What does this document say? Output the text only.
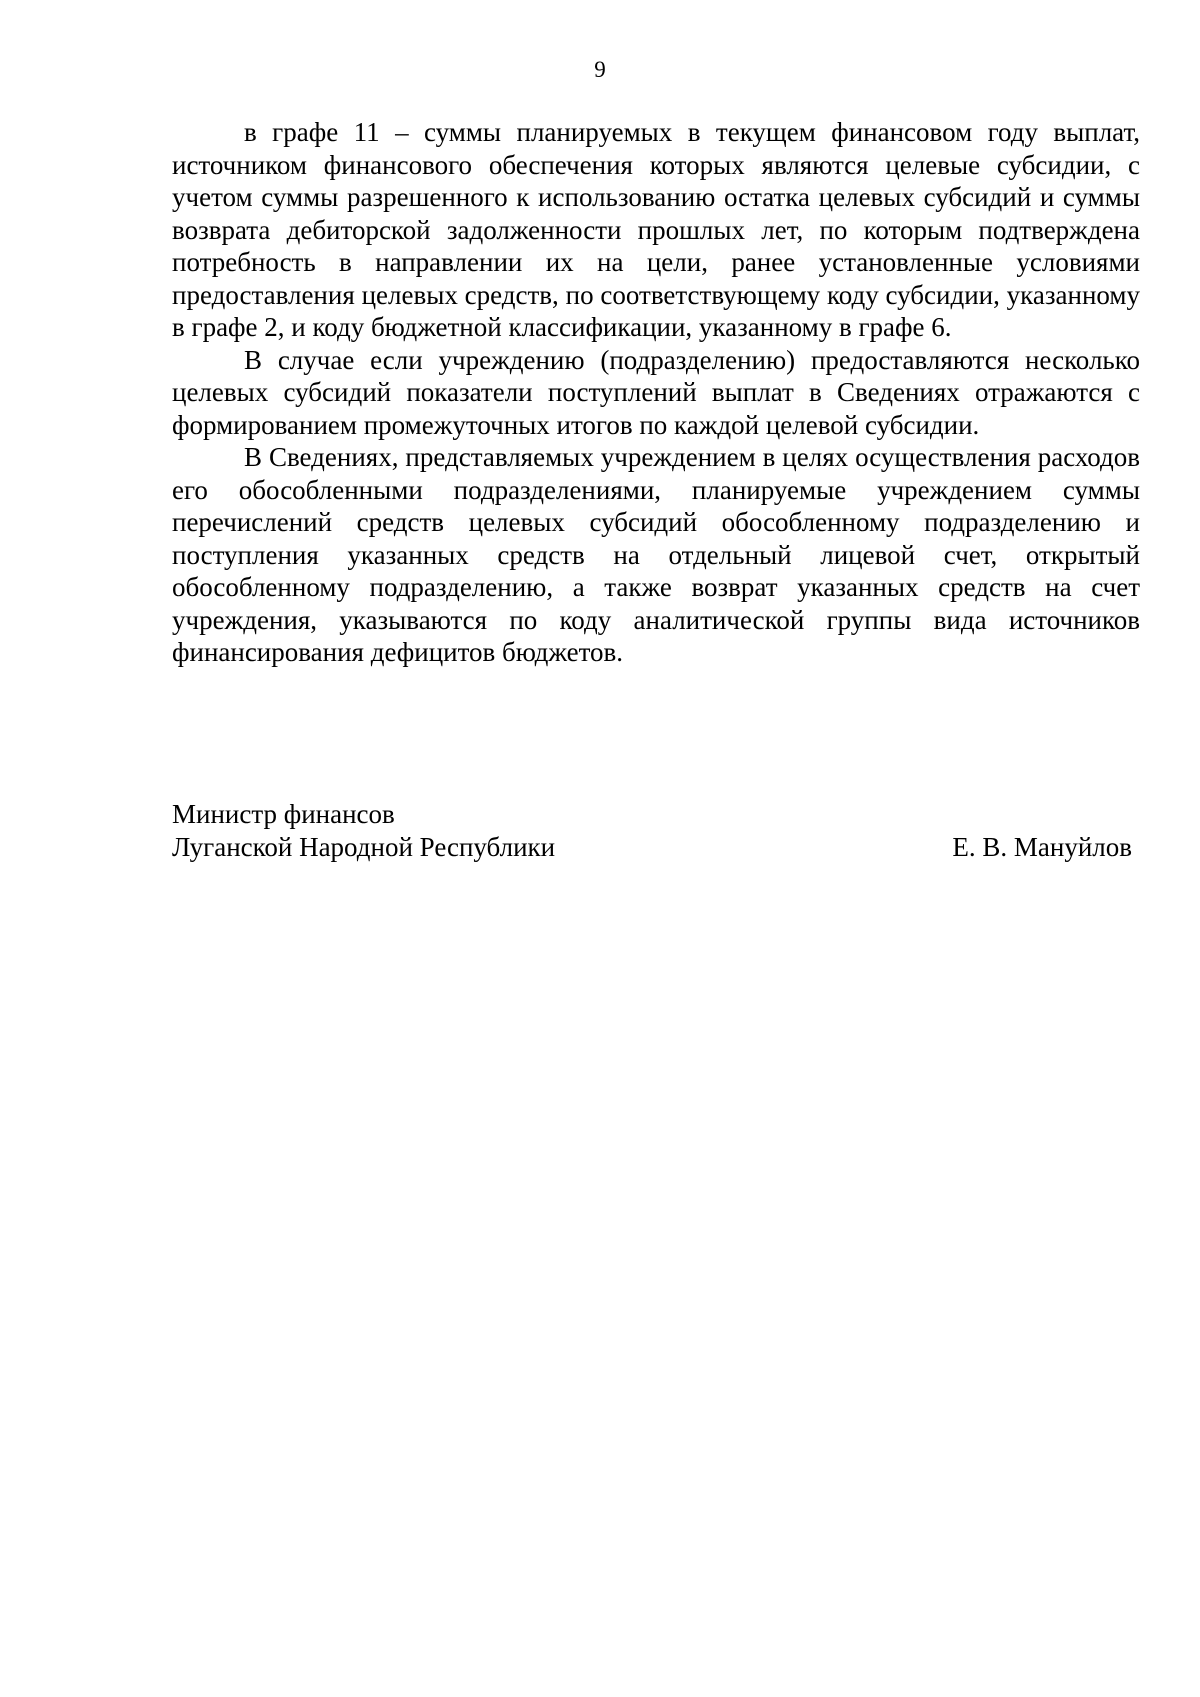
9

в графе 11 – суммы планируемых в текущем финансовом году выплат, источником финансового обеспечения которых являются целевые субсидии, с учетом суммы разрешенного к использованию остатка целевых субсидий и суммы возврата дебиторской задолженности прошлых лет, по которым подтверждена потребность в направлении их на цели, ранее установленные условиями предоставления целевых средств, по соответствующему коду субсидии, указанному в графе 2, и коду бюджетной классификации, указанному в графе 6.

В случае если учреждению (подразделению) предоставляются несколько целевых субсидий показатели поступлений выплат в Сведениях отражаются с формированием промежуточных итогов по каждой целевой субсидии.

В Сведениях, представляемых учреждением в целях осуществления расходов его обособленными подразделениями, планируемые учреждением суммы перечислений средств целевых субсидий обособленному подразделению и поступления указанных средств на отдельный лицевой счет, открытый обособленному подразделению, а также возврат указанных средств на счет учреждения, указываются по коду аналитической группы вида источников финансирования дефицитов бюджетов.

Министр финансов
Луганской Народной Республики	Е. В. Мануйлов
